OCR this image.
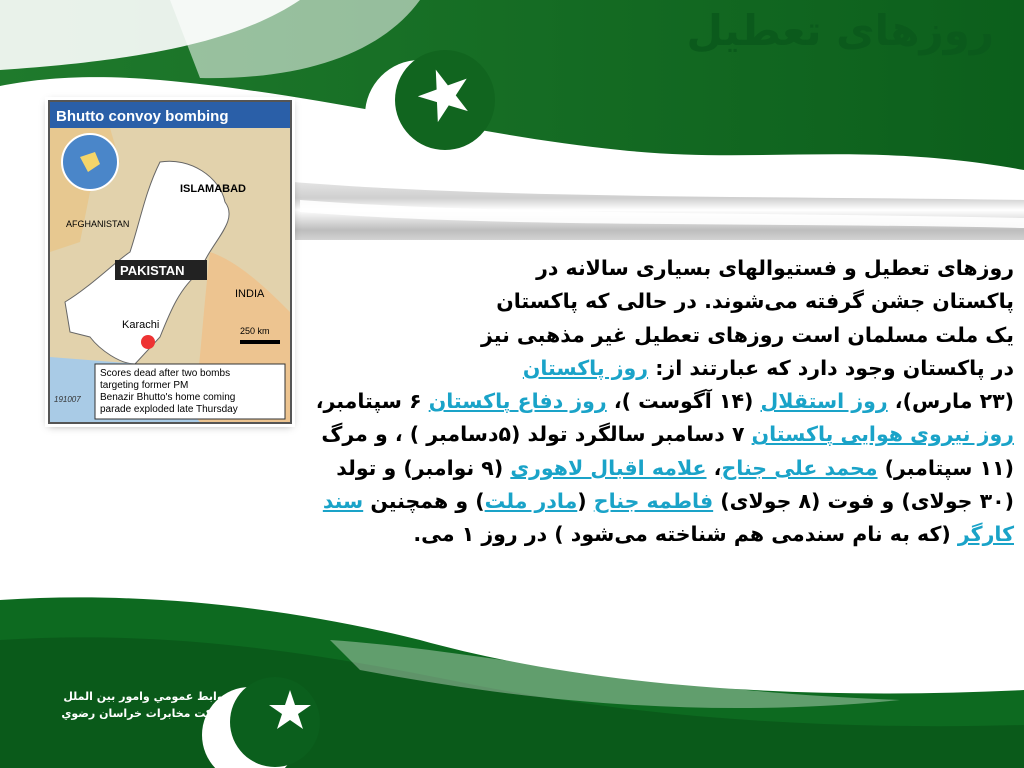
روزهای تعطیل
Bhutto convoy bombing
ISLAMABAD
AFGHANISTAN
PAKISTAN
INDIA
Karachi	250 km
Scores dead after two bombs
targeting former PM
Benazir Bhutto's home coming
parade exploded late Thursday
191007
روزهای تعطیل و فستیوالهای بسیاری سالانه در
پاکستان جشن گرفته می‌شوند. در حالی که پاکستان
یک ملت مسلمان است روزهای تعطیل غیر مذهبی نیز
در پاکستان وجود دارد که عبارتند از: روز پاکستان
(۲۳ مارس)، روز استقلال (۱۴ آگوست )، روز دفاع پاکستان ۶ سپتامبر،
روز نیروی هوایی پاکستان ۷ دسامبر سالگرد تولد (۵دسامبر ) ، و مرگ
(۱۱ سپتامبر) محمد علی جناح، علامه اقبال لاهوری (۹ نوامبر) و تولد
(۳۰ جولای) و فوت (۸ جولای) فاطمه جناح (مادر ملت) و همچنین سند
کارگر (که به نام سندمی هم شناخته می‌شود ) در روز ۱ می.
روابط عمومي وامور بين الملل
شركت مخابرات خراسان رضوي
